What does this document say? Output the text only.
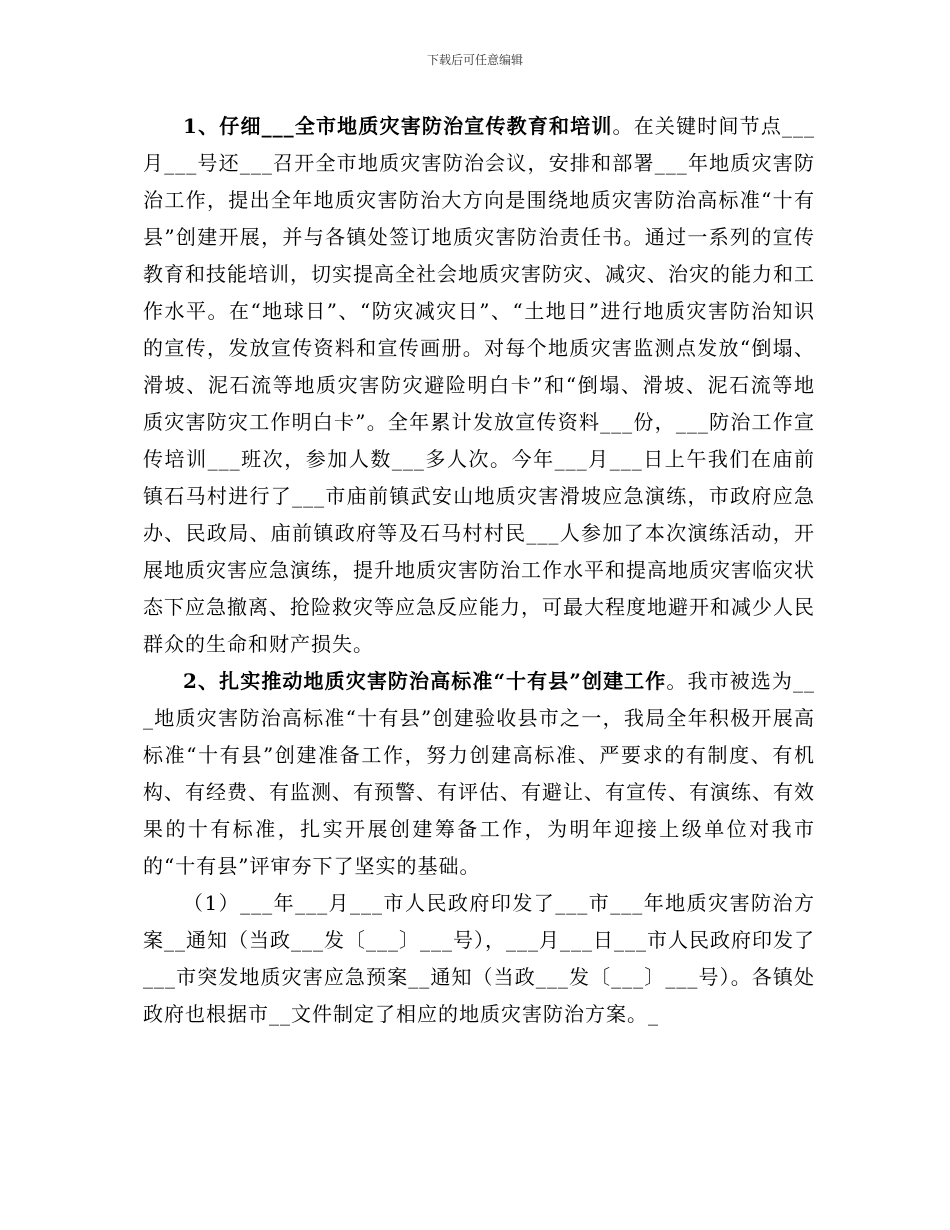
下载后可任意编辑

1、仔细___全市地质灾害防治宣传教育和培训。在关键时间节点___月___号还___召开全市地质灾害防治会议，安排和部署___年地质灾害防治工作，提出全年地质灾害防治大方向是围绕地质灾害防治高标准“十有县”创建开展，并与各镇处签订地质灾害防治责任书。通过一系列的宣传教育和技能培训，切实提高全社会地质灾害防灾、减灾、治灾的能力和工作水平。在“地球日”、“防灾减灾日”、“土地日”进行地质灾害防治知识的宣传，发放宣传资料和宣传画册。对每个地质灾害监测点发放“倒塌、滑坡、泥石流等地质灾害防灾避险明白卡”和“倒塌、滑坡、泥石流等地质灾害防灾工作明白卡”。全年累计发放宣传资料___份，___防治工作宣传培训___班次，参加人数___多人次。今年___月___日上午我们在庙前镇石马村进行了___市庙前镇武安山地质灾害滑坡应急演练，市政府应急办、民政局、庙前镇政府等及石马村村民___人参加了本次演练活动，开展地质灾害应急演练，提升地质灾害防治工作水平和提高地质灾害临灾状态下应急撤离、抢险救灾等应急反应能力，可最大程度地避开和减少人民群众的生命和财产损失。

2、扎实推动地质灾害防治高标准“十有县”创建工作。我市被选为___地质灾害防治高标准“十有县”创建验收县市之一，我局全年积极开展高标准“十有县”创建准备工作，努力创建高标准、严要求的有制度、有机构、有经费、有监测、有预警、有评估、有避让、有宣传、有演练、有效果的十有标准，扎实开展创建筹备工作，为明年迎接上级单位对我市的“十有县”评审夯下了坚实的基础。

（1）___年___月___市人民政府印发了___市___年地质灾害防治方案__通知（当政___发〔___〕___号），___月___日___市人民政府印发了___市突发地质灾害应急预案__通知（当政___发〔___〕___号）。各镇处政府也根据市__文件制定了相应的地质灾害防治方案。_
